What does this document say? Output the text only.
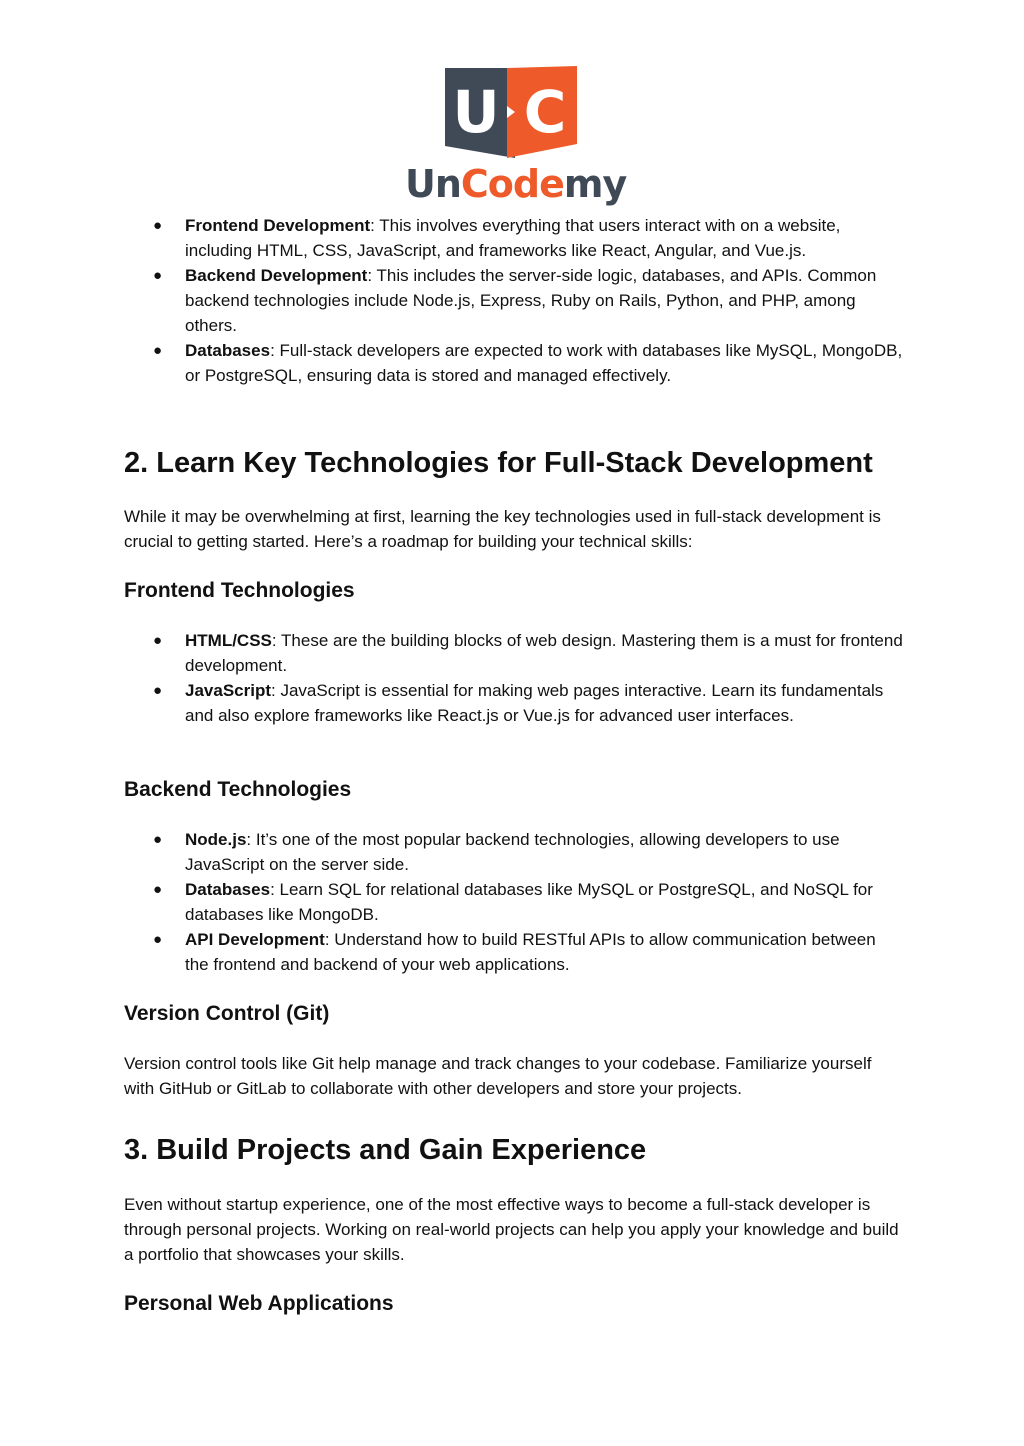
U C
UnCodemy
● Frontend Development: This involves everything that users interact with on a website, including HTML, CSS, JavaScript, and frameworks like React, Angular, and Vue.js.
● Backend Development: This includes the server-side logic, databases, and APIs. Common backend technologies include Node.js, Express, Ruby on Rails, Python, and PHP, among others.
● Databases: Full-stack developers are expected to work with databases like MySQL, MongoDB, or PostgreSQL, ensuring data is stored and managed effectively.
2. Learn Key Technologies for Full-Stack Development

While it may be overwhelming at first, learning the key technologies used in full-stack development is crucial to getting started. Here’s a roadmap for building your technical skills:

Frontend Technologies
● HTML/CSS: These are the building blocks of web design. Mastering them is a must for frontend development.
● JavaScript: JavaScript is essential for making web pages interactive. Learn its fundamentals and also explore frameworks like React.js or Vue.js for advanced user interfaces.
Backend Technologies
● Node.js: It’s one of the most popular backend technologies, allowing developers to use JavaScript on the server side.
● Databases: Learn SQL for relational databases like MySQL or PostgreSQL, and NoSQL for databases like MongoDB.
● API Development: Understand how to build RESTful APIs to allow communication between the frontend and backend of your web applications.
Version Control (Git)

Version control tools like Git help manage and track changes to your codebase. Familiarize yourself with GitHub or GitLab to collaborate with other developers and store your projects.

3. Build Projects and Gain Experience

Even without startup experience, one of the most effective ways to become a full-stack developer is through personal projects. Working on real-world projects can help you apply your knowledge and build a portfolio that showcases your skills.

Personal Web Applications
